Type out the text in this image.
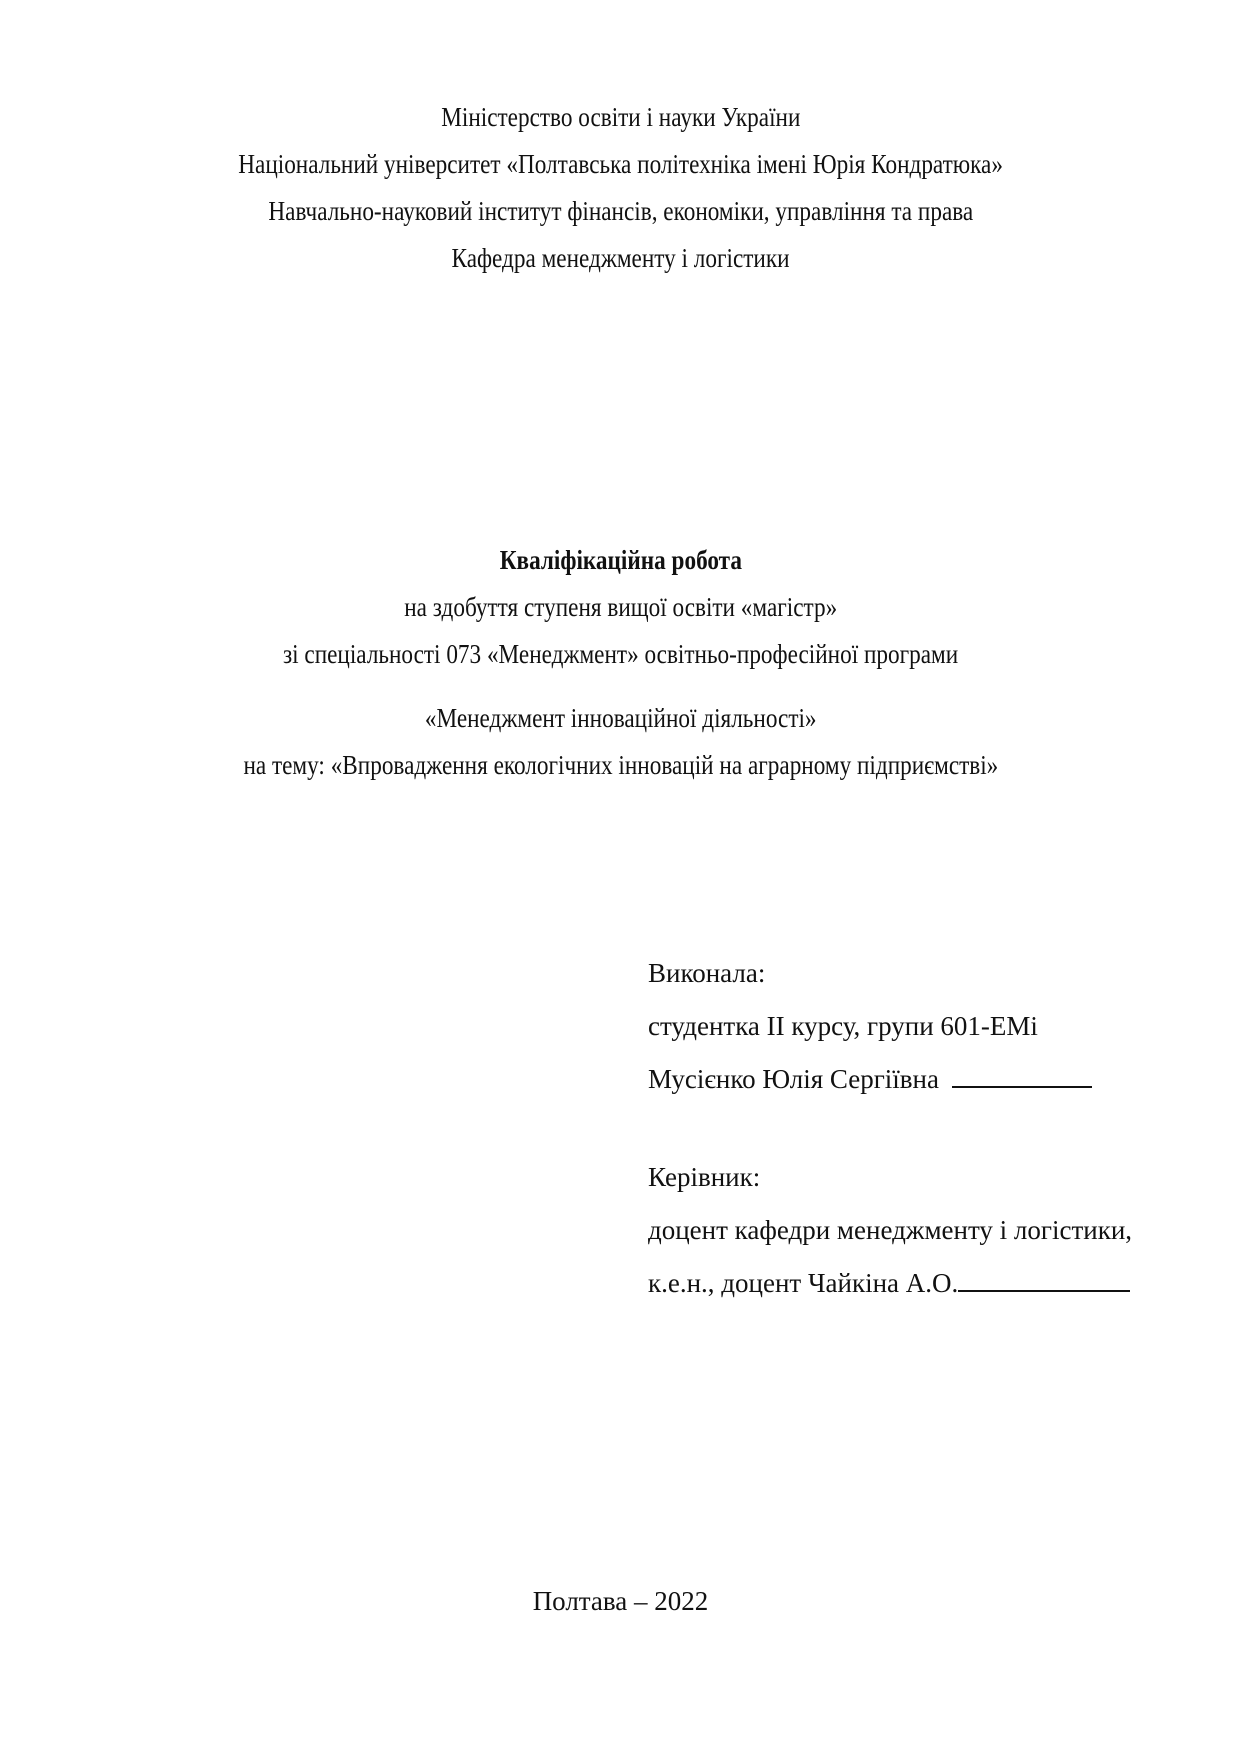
Міністерство освіти і науки України
Національний університет «Полтавська політехніка імені Юрія Кондратюка»
Навчально-науковий інститут фінансів, економіки, управління та права
Кафедра менеджменту і логістики
Кваліфікаційна робота
на здобуття ступеня вищої освіти «магістр»
зі спеціальності 073 «Менеджмент» освітньо-професійної програми
«Менеджмент інноваційної діяльності»
на тему: «Впровадження екологічних інновацій на аграрному підприємстві»
Виконала:
студентка ІІ курсу, групи 601-ЕМі
Мусієнко Юлія Сергіївна
Керівник:
доцент кафедри менеджменту і логістики,
к.е.н., доцент Чайкіна А.О.
Полтава – 2022
